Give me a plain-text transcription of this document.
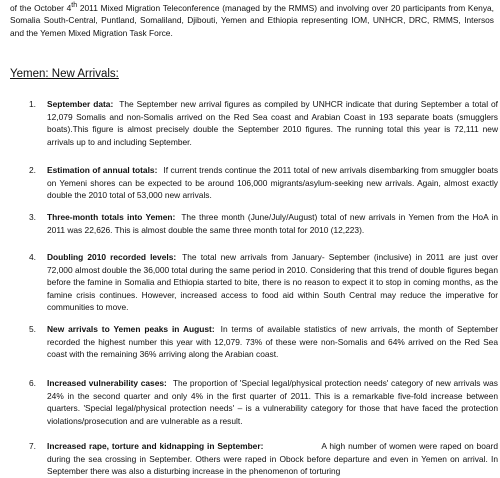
of the October 4th 2011 Mixed Migration Teleconference (managed by the RMMS) and involving over 20 participants from Kenya, Somalia South-Central, Puntland, Somaliland, Djibouti, Yemen and Ethiopia representing IOM, UNHCR, DRC, RMMS, Intersos and the Yemen Mixed Migration Task Force.
Yemen: New Arrivals:
1.	September data: The September new arrival figures as compiled by UNHCR indicate that during September a total of 12,079 Somalis and non-Somalis arrived on the Red Sea coast and Arabian Coast in 193 separate boats (smugglers boats).This figure is almost precisely double the September 2010 figures. The running total this year is 72,111 new arrivals up to and including September.
2.	Estimation of annual totals: If current trends continue the 2011 total of new arrivals disembarking from smuggler boats on Yemeni shores can be expected to be around 106,000 migrants/asylum-seeking new arrivals. Again, almost exactly double the 2010 total of 53,000 new arrivals.
3.	Three-month totals into Yemen: The three month (June/July/August) total of new arrivals in Yemen from the HoA in 2011 was 22,626. This is almost double the same three month total for 2010 (12,223).
4.	Doubling 2010 recorded levels: The total new arrivals from January- September (inclusive) in 2011 are just over 72,000 almost double the 36,000 total during the same period in 2010. Considering that this trend of double figures began before the famine in Somalia and Ethiopia started to bite, there is no reason to expect it to stop in coming months, as the famine crisis continues. However, increased access to food aid within South Central may reduce the imperative for communities to move.
5.	New arrivals to Yemen peaks in August: In terms of available statistics of new arrivals, the month of September recorded the highest number this year with 12,079. 73% of these were non-Somalis and 64% arrived on the Red Sea coast with the remaining 36% arriving along the Arabian coast.
6.	Increased vulnerability cases: The proportion of 'Special legal/physical protection needs' category of new arrivals was 24% in the second quarter and only 4% in the first quarter of 2011. This is a remarkable five-fold increase between quarters. 'Special legal/physical protection needs' – is a vulnerability category for those that have faced the protection violations/prosecution and are vulnerable as a result.
7.	Increased rape, torture and kidnapping in September:	A high number of women were raped on board during the sea crossing in September. Others were raped in Obock before departure and even in Yemen on arrival. In September there was also a disturbing increase in the phenomenon of torturing
